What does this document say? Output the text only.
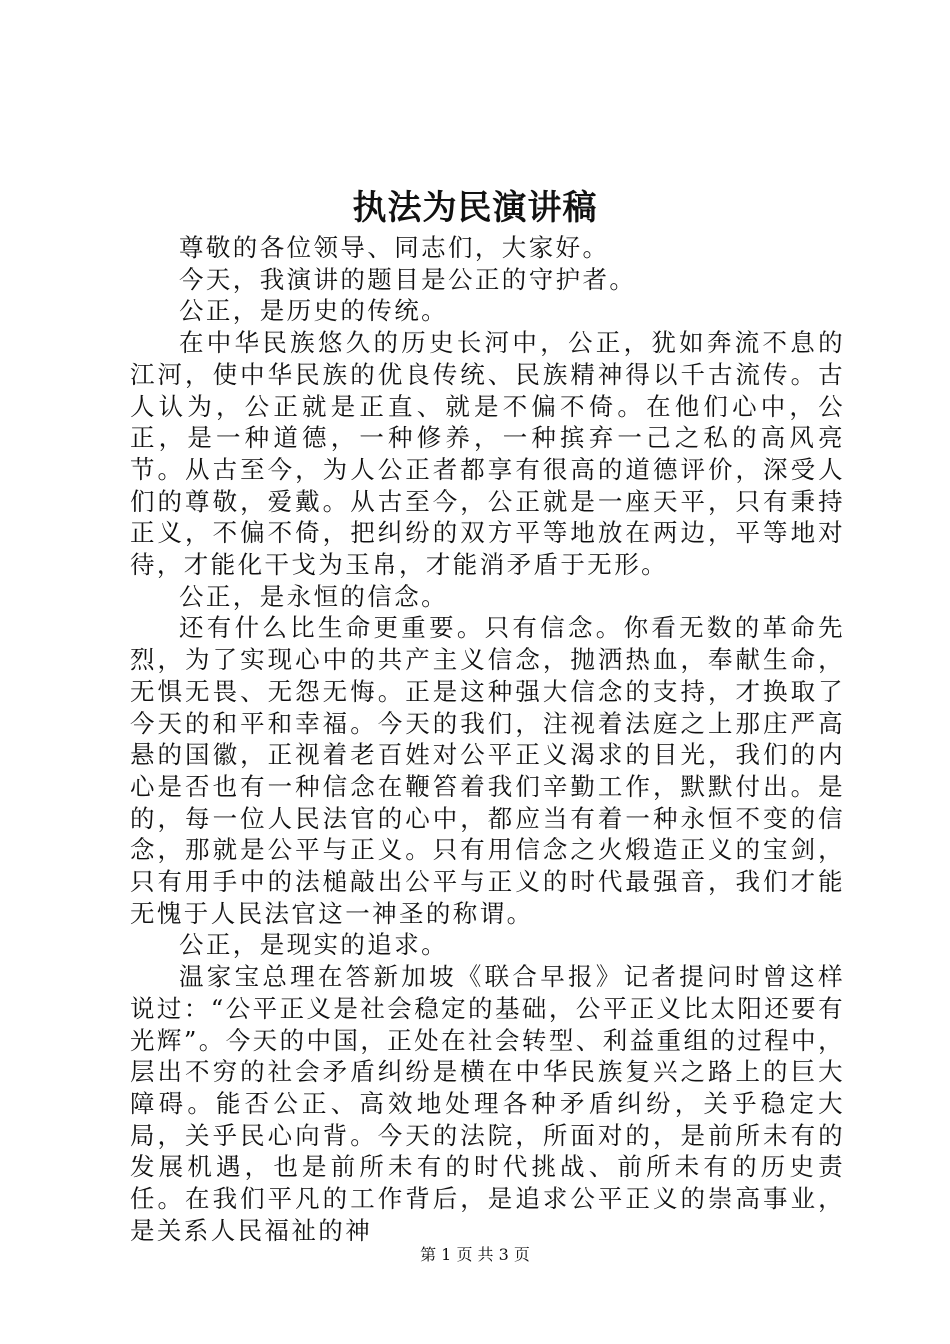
执法为民演讲稿

尊敬的各位领导、同志们，大家好。

今天，我演讲的题目是公正的守护者。

公正，是历史的传统。

在中华民族悠久的历史长河中，公正，犹如奔流不息的江河，使中华民族的优良传统、民族精神得以千古流传。古人认为，公正就是正直、就是不偏不倚。在他们心中，公正，是一种道德，一种修养，一种摈弃一己之私的高风亮节。从古至今，为人公正者都享有很高的道德评价，深受人们的尊敬，爱戴。从古至今，公正就是一座天平，只有秉持正义，不偏不倚，把纠纷的双方平等地放在两边，平等地对待，才能化干戈为玉帛，才能消矛盾于无形。

公正，是永恒的信念。

还有什么比生命更重要。只有信念。你看无数的革命先烈，为了实现心中的共产主义信念，抛洒热血，奉献生命，无惧无畏、无怨无悔。正是这种强大信念的支持，才换取了今天的和平和幸福。今天的我们，注视着法庭之上那庄严高悬的国徽，正视着老百姓对公平正义渴求的目光，我们的内心是否也有一种信念在鞭笞着我们辛勤工作，默默付出。是的，每一位人民法官的心中，都应当有着一种永恒不变的信念，那就是公平与正义。只有用信念之火煅造正义的宝剑，只有用手中的法槌敲出公平与正义的时代最强音，我们才能无愧于人民法官这一神圣的称谓。

公正，是现实的追求。

温家宝总理在答新加坡《联合早报》记者提问时曾这样说过：“公平正义是社会稳定的基础，公平正义比太阳还要有光辉”。今天的中国，正处在社会转型、利益重组的过程中，层出不穷的社会矛盾纠纷是横在中华民族复兴之路上的巨大障碍。能否公正、高效地处理各种矛盾纠纷，关乎稳定大局，关乎民心向背。今天的法院，所面对的，是前所未有的发展机遇，也是前所未有的时代挑战、前所未有的历史责任。在我们平凡的工作背后，是追求公平正义的崇高事业，是关系人民福祉的神

第 1 页 共 3 页
